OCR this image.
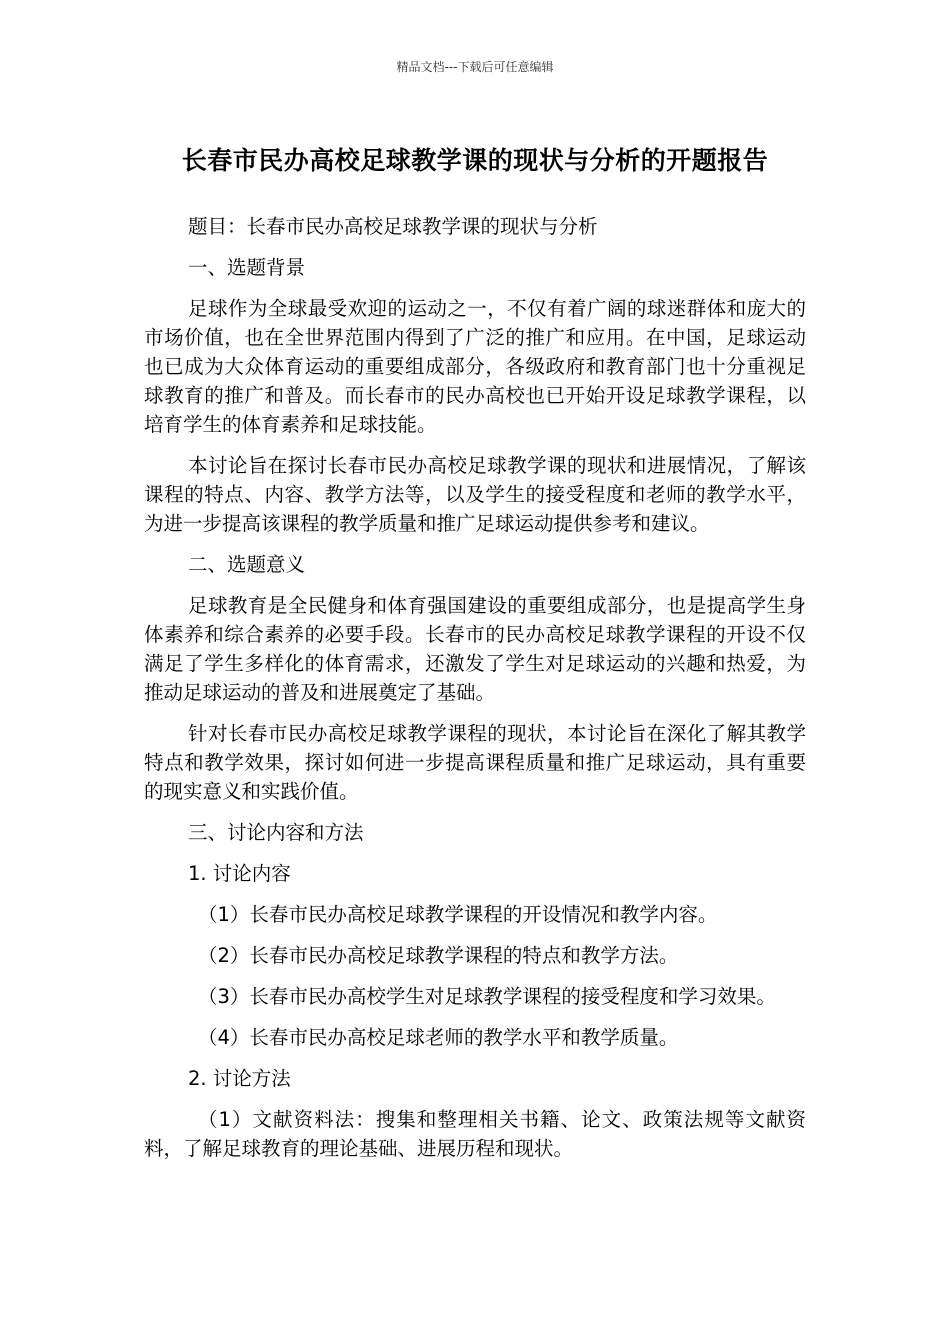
精品文档---下载后可任意编辑
长春市民办高校足球教学课的现状与分析的开题报告

题目：长春市民办高校足球教学课的现状与分析

一、选题背景

足球作为全球最受欢迎的运动之一，不仅有着广阔的球迷群体和庞大的市场价值，也在全世界范围内得到了广泛的推广和应用。在中国，足球运动也已成为大众体育运动的重要组成部分，各级政府和教育部门也十分重视足球教育的推广和普及。而长春市的民办高校也已开始开设足球教学课程，以培育学生的体育素养和足球技能。

本讨论旨在探讨长春市民办高校足球教学课的现状和进展情况，了解该课程的特点、内容、教学方法等，以及学生的接受程度和老师的教学水平，为进一步提高该课程的教学质量和推广足球运动提供参考和建议。

二、选题意义

足球教育是全民健身和体育强国建设的重要组成部分，也是提高学生身体素养和综合素养的必要手段。长春市的民办高校足球教学课程的开设不仅满足了学生多样化的体育需求，还激发了学生对足球运动的兴趣和热爱，为推动足球运动的普及和进展奠定了基础。

针对长春市民办高校足球教学课程的现状，本讨论旨在深化了解其教学特点和教学效果，探讨如何进一步提高课程质量和推广足球运动，具有重要的现实意义和实践价值。

三、讨论内容和方法

1. 讨论内容

（1）长春市民办高校足球教学课程的开设情况和教学内容。

（2）长春市民办高校足球教学课程的特点和教学方法。

（3）长春市民办高校学生对足球教学课程的接受程度和学习效果。

（4）长春市民办高校足球老师的教学水平和教学质量。

2. 讨论方法

（1）文献资料法：搜集和整理相关书籍、论文、政策法规等文献资料，了解足球教育的理论基础、进展历程和现状。
